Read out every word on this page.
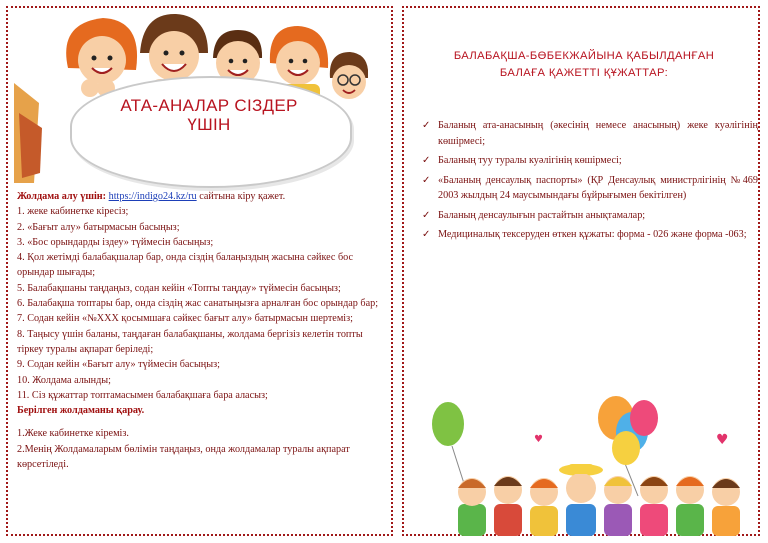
АТА-АНАЛАР СІЗДЕР
ҮШІН

Жолдама алу үшін: https://indigo24.kz/ru сайтына кіру қажет.

1. жеке кабинетке кіресіз;

2. «Бағыт алу» батырмасын басыңыз;

3. «Бос орындарды іздеу» түймесін басыңыз;

4. Қол жетімді балабақшалар бар, онда сіздің балаңыздың жасына сәйкес бос орындар шығады;

5. Балабақшаны таңдаңыз, содан кейін «Топты таңдау» түймесін басыңыз;

6. Балабақша топтары бар, онда сіздің жас санатыңызға арналған бос орындар бар;

7. Содан кейін «№XXX қосымшаға сәйкес бағыт алу» батырмасын шертеміз;

8. Таңысу үшін баланы, таңдаған балабақшаны, жолдама бергізіз келетін топты тіркеу туралы ақпарат беріледі;

9. Содан кейін «Бағыт алу» түймесін басыңыз;

10. Жолдама алынды;

11. Сіз құжаттар топтамасымен балабақшаға бара алаcыз;

Берілген жолдаманы қарау.

1.Жеке кабинетке кіреміз.

2.Менің Жолдамаларым бөлімін таңдаңыз, онда жолдамалар туралы ақпарат көрсетіледі.

БАЛАБАҚША-БӨБЕКЖАЙЫНА ҚАБЫЛДАНҒАН
БАЛАҒА ҚАЖЕТТІ ҚҰЖАТТАР:
✓ Баланың ата-анасының (әкесінің немесе анасының) жеке куәлігінің көшірмесі;
✓ Баланың туу туралы куәлігінің көшірмесі;
✓ «Баланың денсаулық паспорты» (ҚР Денсаулық министрлігінің №469 2003 жылдың 24 маусымындағы бұйрығымен бекітілген)
✓ Баланың денсаулығын растайтын анықтамалар;
✓ Медициналық тексеруден өткен құжаты: форма - 026 және форма -063;
♥
♥
